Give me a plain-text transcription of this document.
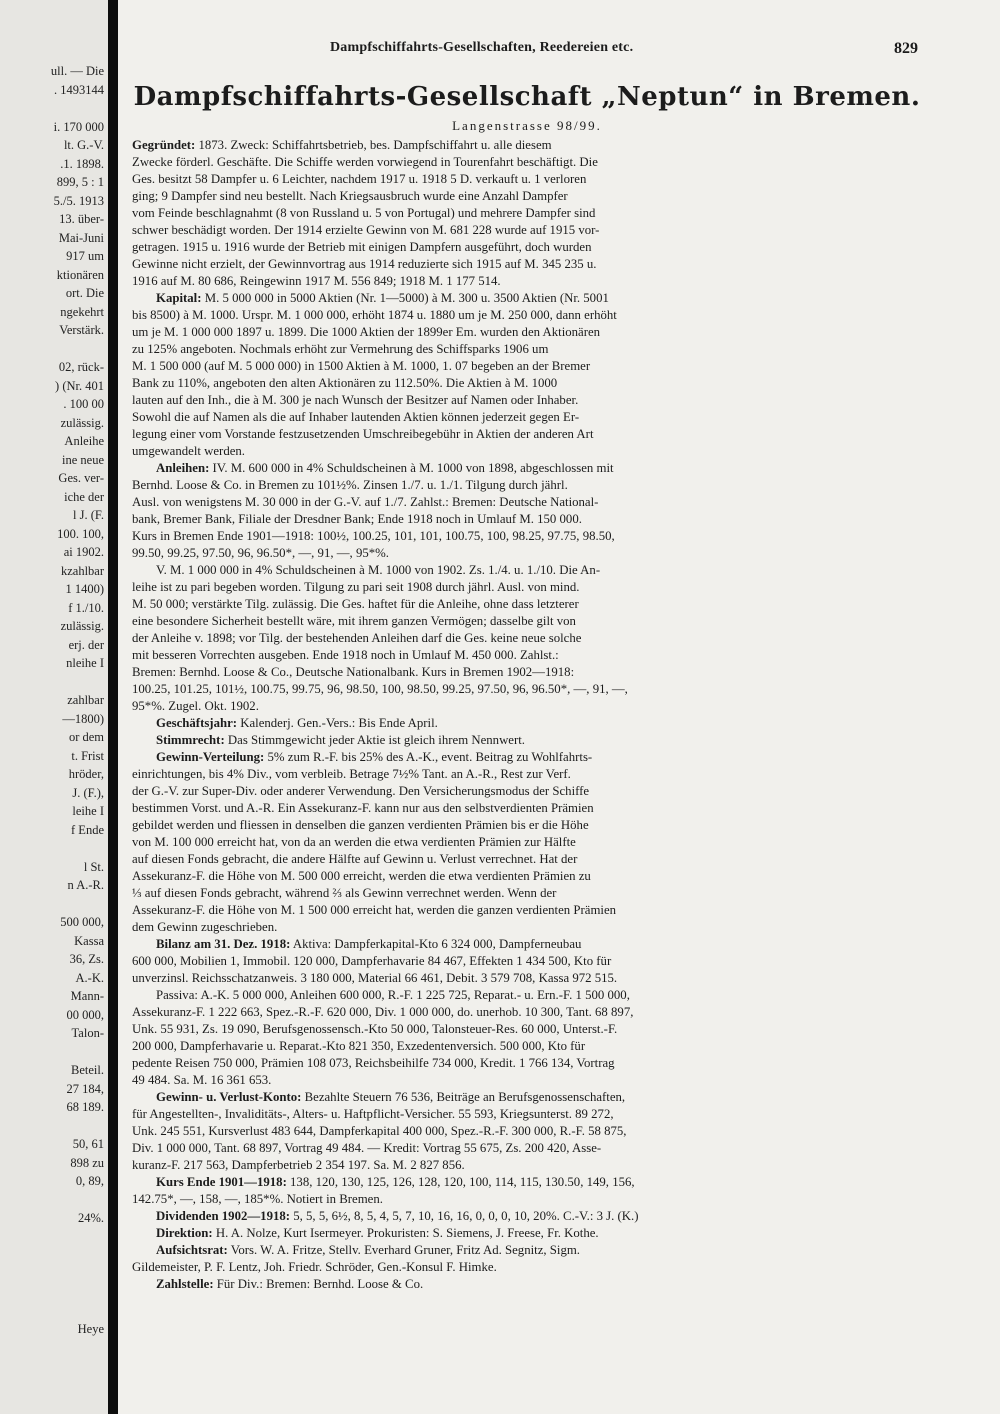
ull. — Die
. 1493144
i. 170 000
lt. G.-V.
.1. 1898.
899, 5 : 1
5./5. 1913
13. über-
Mai-Juni
917 um
ktionären
ort. Die
ngekehrt
Verstärk.
02, rück-
) (Nr. 401
. 100 00
zulässig.
Anleihe
ine neue
Ges. ver-
iche der
l J. (F.
100. 100,
ai 1902.
kzahlbar
1 1400)
f 1./10.
zulässig.
erj. der
nleihe I
zahlbar
—1800)
or dem
t. Frist
hröder,
J. (F.),
leihe I
f Ende
l St.
n A.-R.
500 000,
Kassa
36, Zs.
A.-K.
Mann-
00 000,
Talon-
Beteil.
27 184,
68 189.
50, 61
898 zu
0, 89,
24%.
Heye
Dampfschiffahrts-Gesellschaften, Reedereien etc.	829
Dampfschiffahrts-Gesellschaft „Neptun“ in Bremen.
Langenstrasse 98/99.
Gegründet: 1873. Zweck: Schiffahrtsbetrieb, bes. Dampfschiffahrt u. alle diesem
Zwecke förderl. Geschäfte. Die Schiffe werden vorwiegend in Tourenfahrt beschäftigt. Die
Ges. besitzt 58 Dampfer u. 6 Leichter, nachdem 1917 u. 1918 5 D. verkauft u. 1 verloren
ging; 9 Dampfer sind neu bestellt. Nach Kriegsausbruch wurde eine Anzahl Dampfer
vom Feinde beschlagnahmt (8 von Russland u. 5 von Portugal) und mehrere Dampfer sind
schwer beschädigt worden. Der 1914 erzielte Gewinn von M. 681 228 wurde auf 1915 vor-
getragen. 1915 u. 1916 wurde der Betrieb mit einigen Dampfern ausgeführt, doch wurden
Gewinne nicht erzielt, der Gewinnvortrag aus 1914 reduzierte sich 1915 auf M. 345 235 u.
1916 auf M. 80 686, Reingewinn 1917 M. 556 849; 1918 M. 1 177 514.
Kapital: M. 5 000 000 in 5000 Aktien (Nr. 1—5000) à M. 300 u. 3500 Aktien (Nr. 5001
bis 8500) à M. 1000. Urspr. M. 1 000 000, erhöht 1874 u. 1880 um je M. 250 000, dann erhöht
um je M. 1 000 000 1897 u. 1899. Die 1000 Aktien der 1899er Em. wurden den Aktionären
zu 125% angeboten. Nochmals erhöht zur Vermehrung des Schiffsparks 1906 um
M. 1 500 000 (auf M. 5 000 000) in 1500 Aktien à M. 1000, 1. 07 begeben an der Bremer
Bank zu 110%, angeboten den alten Aktionären zu 112.50%. Die Aktien à M. 1000
lauten auf den Inh., die à M. 300 je nach Wunsch der Besitzer auf Namen oder Inhaber.
Sowohl die auf Namen als die auf Inhaber lautenden Aktien können jederzeit gegen Er-
legung einer vom Vorstande festzusetzenden Umschreibegebühr in Aktien der anderen Art
umgewandelt werden.
Anleihen: IV. M. 600 000 in 4% Schuldscheinen à M. 1000 von 1898, abgeschlossen mit
Bernhd. Loose & Co. in Bremen zu 101½%. Zinsen 1./7. u. 1./1. Tilgung durch jährl.
Ausl. von wenigstens M. 30 000 in der G.-V. auf 1./7. Zahlst.: Bremen: Deutsche National-
bank, Bremer Bank, Filiale der Dresdner Bank; Ende 1918 noch in Umlauf M. 150 000.
Kurs in Bremen Ende 1901—1918: 100½, 100.25, 101, 101, 100.75, 100, 98.25, 97.75, 98.50,
99.50, 99.25, 97.50, 96, 96.50*, —, 91, —, 95*%.
V. M. 1 000 000 in 4% Schuldscheinen à M. 1000 von 1902. Zs. 1./4. u. 1./10. Die An-
leihe ist zu pari begeben worden. Tilgung zu pari seit 1908 durch jährl. Ausl. von mind.
M. 50 000; verstärkte Tilg. zulässig. Die Ges. haftet für die Anleihe, ohne dass letzterer
eine besondere Sicherheit bestellt wäre, mit ihrem ganzen Vermögen; dasselbe gilt von
der Anleihe v. 1898; vor Tilg. der bestehenden Anleihen darf die Ges. keine neue solche
mit besseren Vorrechten ausgeben. Ende 1918 noch in Umlauf M. 450 000. Zahlst.:
Bremen: Bernhd. Loose & Co., Deutsche Nationalbank. Kurs in Bremen 1902—1918:
100.25, 101.25, 101½, 100.75, 99.75, 96, 98.50, 100, 98.50, 99.25, 97.50, 96, 96.50*, —, 91, —,
95*%. Zugel. Okt. 1902.
Geschäftsjahr: Kalenderj. Gen.-Vers.: Bis Ende April.
Stimmrecht: Das Stimmgewicht jeder Aktie ist gleich ihrem Nennwert.
Gewinn-Verteilung: 5% zum R.-F. bis 25% des A.-K., event. Beitrag zu Wohlfahrts-
einrichtungen, bis 4% Div., vom verbleib. Betrage 7½% Tant. an A.-R., Rest zur Verf.
der G.-V. zur Super-Div. oder anderer Verwendung. Den Versicherungsmodus der Schiffe
bestimmen Vorst. und A.-R. Ein Assekuranz-F. kann nur aus den selbstverdienten Prämien
gebildet werden und fliessen in denselben die ganzen verdienten Prämien bis er die Höhe
von M. 100 000 erreicht hat, von da an werden die etwa verdienten Prämien zur Hälfte
auf diesen Fonds gebracht, die andere Hälfte auf Gewinn u. Verlust verrechnet. Hat der
Assekuranz-F. die Höhe von M. 500 000 erreicht, werden die etwa verdienten Prämien zu
⅓ auf diesen Fonds gebracht, während ⅔ als Gewinn verrechnet werden. Wenn der
Assekuranz-F. die Höhe von M. 1 500 000 erreicht hat, werden die ganzen verdienten Prämien
dem Gewinn zugeschrieben.
Bilanz am 31. Dez. 1918: Aktiva: Dampferkapital-Kto 6 324 000, Dampferneubau
600 000, Mobilien 1, Immobil. 120 000, Dampferhavarie 84 467, Effekten 1 434 500, Kto für
unverzinsl. Reichsschatzanweis. 3 180 000, Material 66 461, Debit. 3 579 708, Kassa 972 515.
Passiva: A.-K. 5 000 000, Anleihen 600 000, R.-F. 1 225 725, Reparat.- u. Ern.-F. 1 500 000,
Assekuranz-F. 1 222 663, Spez.-R.-F. 620 000, Div. 1 000 000, do. unerhob. 10 300, Tant. 68 897,
Unk. 55 931, Zs. 19 090, Berufsgenossensch.-Kto 50 000, Talonsteuer-Res. 60 000, Unterst.-F.
200 000, Dampferhavarie u. Reparat.-Kto 821 350, Exzedentenversich. 500 000, Kto für
pedente Reisen 750 000, Prämien 108 073, Reichsbeihilfe 734 000, Kredit. 1 766 134, Vortrag
49 484. Sa. M. 16 361 653.
Gewinn- u. Verlust-Konto: Bezahlte Steuern 76 536, Beiträge an Berufsgenossenschaften,
für Angestellten-, Invaliditäts-, Alters- u. Haftpflicht-Versicher. 55 593, Kriegsunterst. 89 272,
Unk. 245 551, Kursverlust 483 644, Dampferkapital 400 000, Spez.-R.-F. 300 000, R.-F. 58 875,
Div. 1 000 000, Tant. 68 897, Vortrag 49 484. — Kredit: Vortrag 55 675, Zs. 200 420, Asse-
kuranz-F. 217 563, Dampferbetrieb 2 354 197. Sa. M. 2 827 856.
Kurs Ende 1901—1918: 138, 120, 130, 125, 126, 128, 120, 100, 114, 115, 130.50, 149, 156,
142.75*, —, 158, —, 185*%. Notiert in Bremen.
Dividenden 1902—1918: 5, 5, 5, 6½, 8, 5, 4, 5, 7, 10, 16, 16, 0, 0, 0, 10, 20%. C.-V.: 3 J. (K.)
Direktion: H. A. Nolze, Kurt Isermeyer. Prokuristen: S. Siemens, J. Freese, Fr. Kothe.
Aufsichtsrat: Vors. W. A. Fritze, Stellv. Everhard Gruner, Fritz Ad. Segnitz, Sigm.
Gildemeister, P. F. Lentz, Joh. Friedr. Schröder, Gen.-Konsul F. Himke.
Zahlstelle: Für Div.: Bremen: Bernhd. Loose & Co.
